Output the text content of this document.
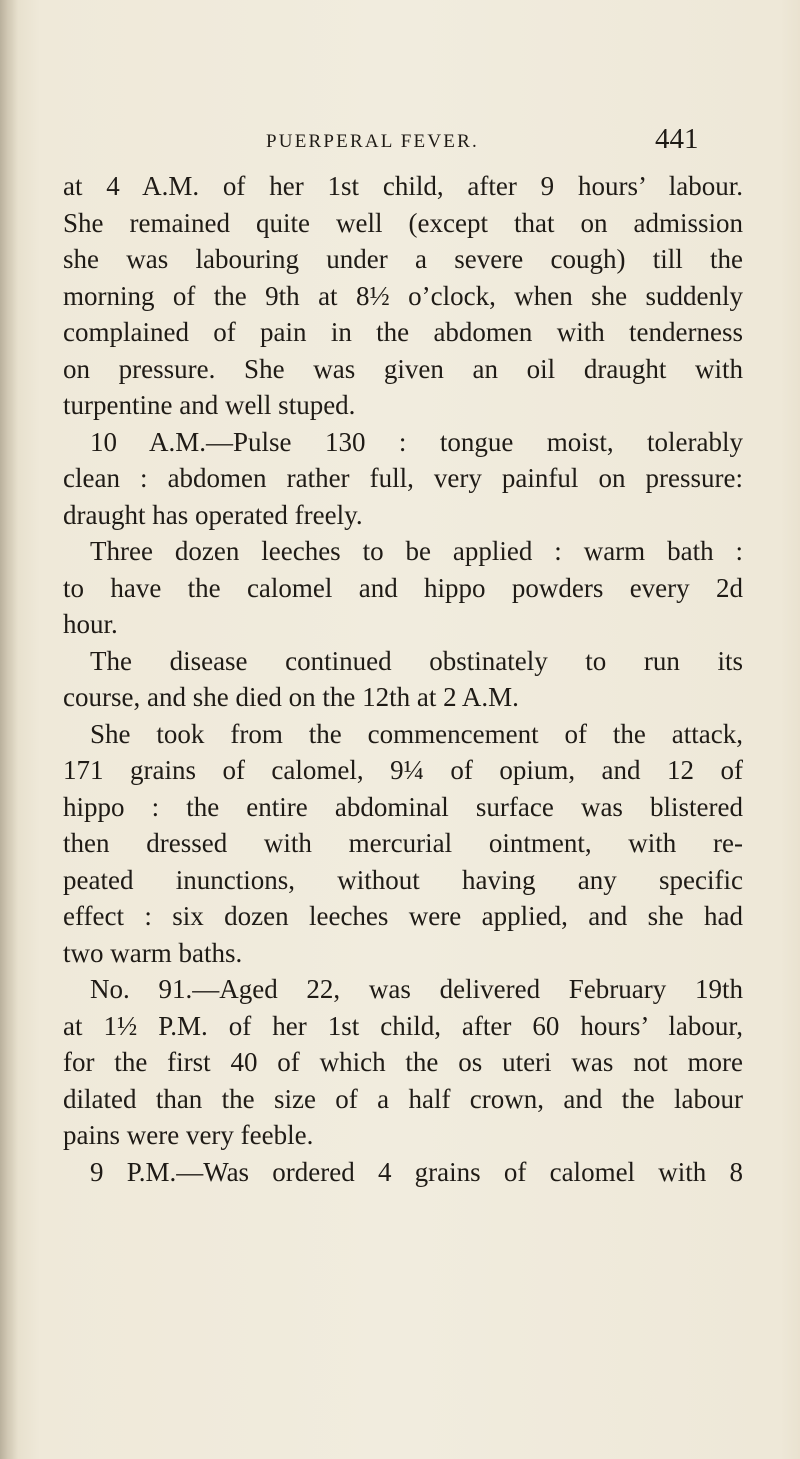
PUERPERAL FEVER.	441
at 4 A.M. of her 1st child, after 9 hours’ labour.
She remained quite well (except that on admission
she was labouring under a severe cough) till the
morning of the 9th at 8½ o’clock, when she suddenly
complained of pain in the abdomen with tenderness
on pressure. She was given an oil draught with
turpentine and well stuped.
10 A.M.—Pulse 130 : tongue moist, tolerably
clean : abdomen rather full, very painful on pressure:
draught has operated freely.
Three dozen leeches to be applied : warm bath :
to have the calomel and hippo powders every 2d
hour.
The disease continued obstinately to run its
course, and she died on the 12th at 2 A.M.
She took from the commencement of the attack,
171 grains of calomel, 9¼ of opium, and 12 of
hippo : the entire abdominal surface was blistered
then dressed with mercurial ointment, with re-
peated inunctions, without having any specific
effect : six dozen leeches were applied, and she had
two warm baths.
No. 91.—Aged 22, was delivered February 19th
at 1½ P.M. of her 1st child, after 60 hours’ labour,
for the first 40 of which the os uteri was not more
dilated than the size of a half crown, and the labour
pains were very feeble.
9 P.M.—Was ordered 4 grains of calomel with 8
